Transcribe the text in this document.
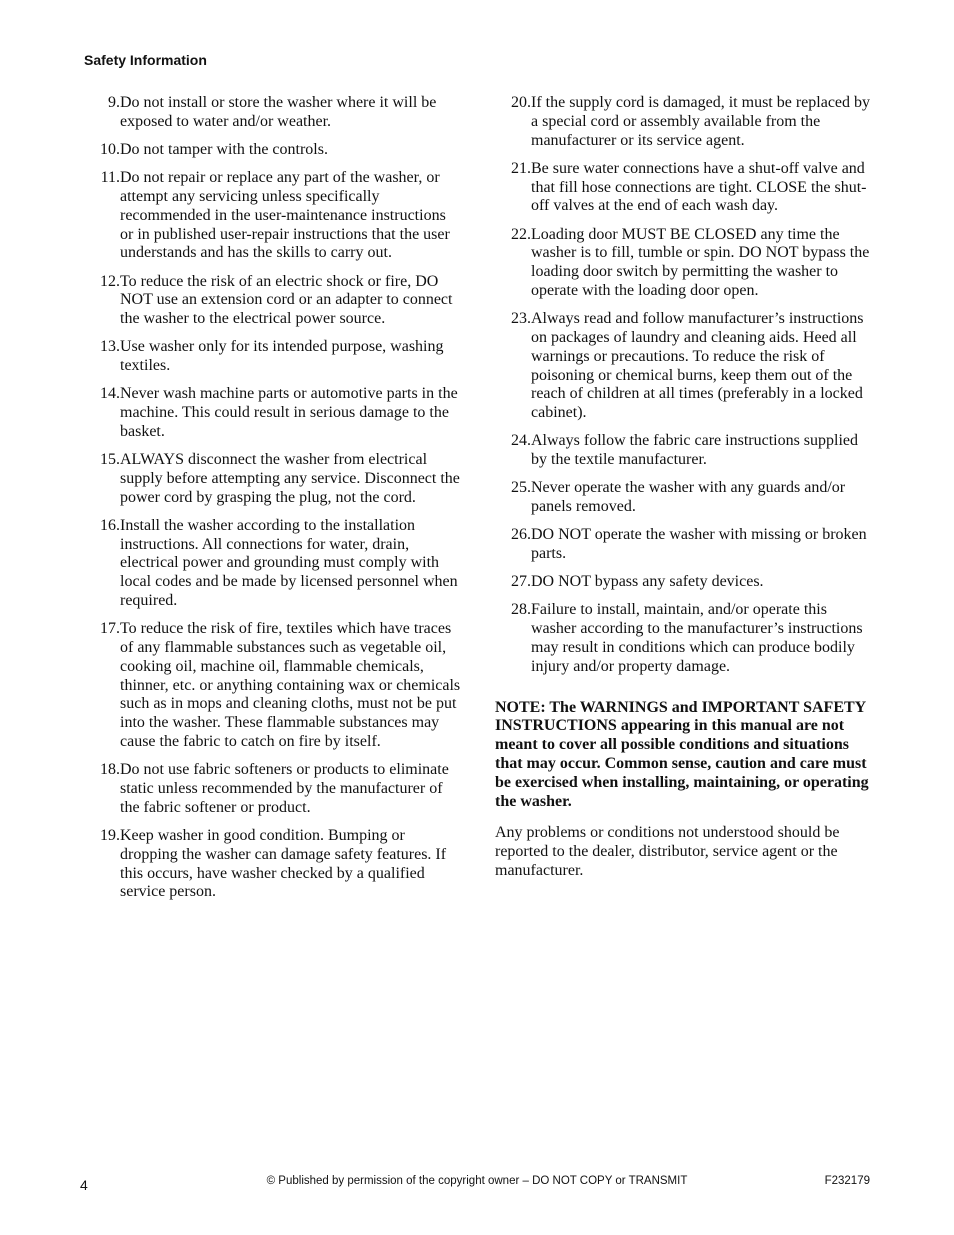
Safety Information
9. Do not install or store the washer where it will be exposed to water and/or weather.
10. Do not tamper with the controls.
11. Do not repair or replace any part of the washer, or attempt any servicing unless specifically recommended in the user-maintenance instructions or in published user-repair instructions that the user understands and has the skills to carry out.
12. To reduce the risk of an electric shock or fire, DO NOT use an extension cord or an adapter to connect the washer to the electrical power source.
13. Use washer only for its intended purpose, washing textiles.
14. Never wash machine parts or automotive parts in the machine. This could result in serious damage to the basket.
15. ALWAYS disconnect the washer from electrical supply before attempting any service. Disconnect the power cord by grasping the plug, not the cord.
16. Install the washer according to the installation instructions. All connections for water, drain, electrical power and grounding must comply with local codes and be made by licensed personnel when required.
17. To reduce the risk of fire, textiles which have traces of any flammable substances such as vegetable oil, cooking oil, machine oil, flammable chemicals, thinner, etc. or anything containing wax or chemicals such as in mops and cleaning cloths, must not be put into the washer. These flammable substances may cause the fabric to catch on fire by itself.
18. Do not use fabric softeners or products to eliminate static unless recommended by the manufacturer of the fabric softener or product.
19. Keep washer in good condition. Bumping or dropping the washer can damage safety features. If this occurs, have washer checked by a qualified service person.
20. If the supply cord is damaged, it must be replaced by a special cord or assembly available from the manufacturer or its service agent.
21. Be sure water connections have a shut-off valve and that fill hose connections are tight. CLOSE the shut-off valves at the end of each wash day.
22. Loading door MUST BE CLOSED any time the washer is to fill, tumble or spin. DO NOT bypass the loading door switch by permitting the washer to operate with the loading door open.
23. Always read and follow manufacturer’s instructions on packages of laundry and cleaning aids. Heed all warnings or precautions. To reduce the risk of poisoning or chemical burns, keep them out of the reach of children at all times (preferably in a locked cabinet).
24. Always follow the fabric care instructions supplied by the textile manufacturer.
25. Never operate the washer with any guards and/or panels removed.
26. DO NOT operate the washer with missing or broken parts.
27. DO NOT bypass any safety devices.
28. Failure to install, maintain, and/or operate this washer according to the manufacturer’s instructions may result in conditions which can produce bodily injury and/or property damage.
NOTE: The WARNINGS and IMPORTANT SAFETY INSTRUCTIONS appearing in this manual are not meant to cover all possible conditions and situations that may occur. Common sense, caution and care must be exercised when installing, maintaining, or operating the washer.
Any problems or conditions not understood should be reported to the dealer, distributor, service agent or the manufacturer.
4	© Published by permission of the copyright owner – DO NOT COPY or TRANSMIT	F232179
